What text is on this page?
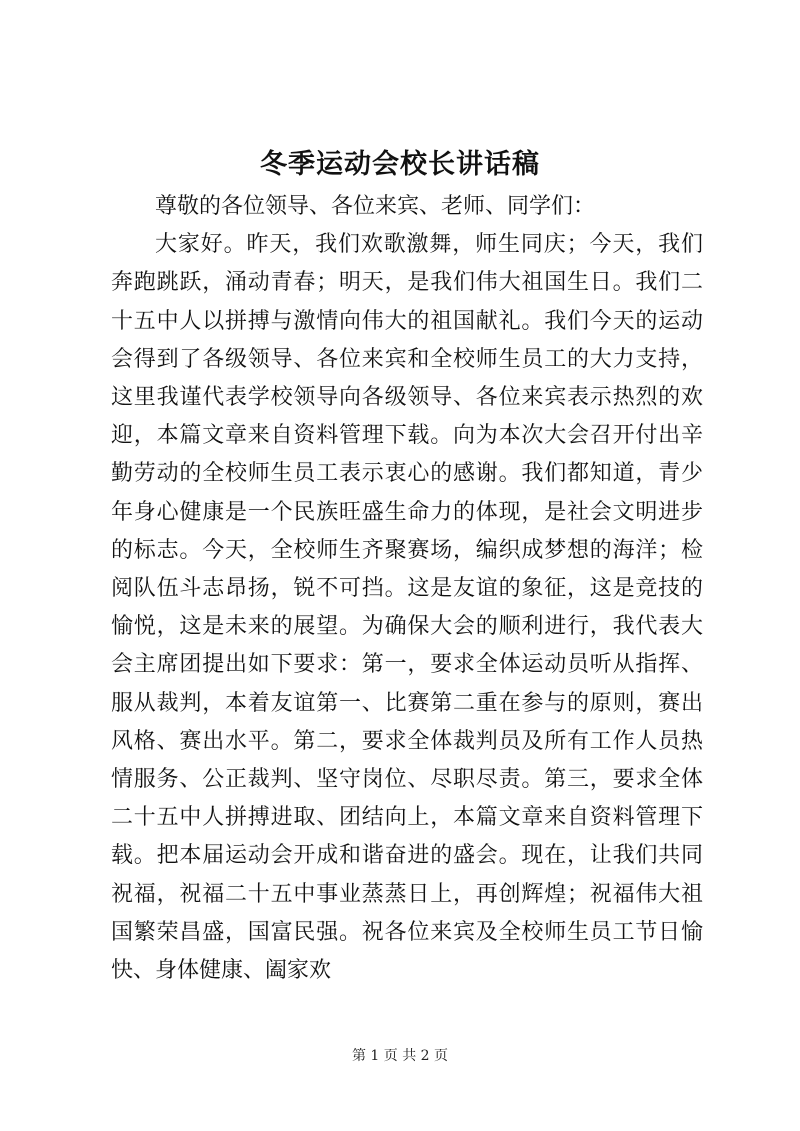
冬季运动会校长讲话稿

尊敬的各位领导、各位来宾、老师、同学们：

大家好。昨天，我们欢歌激舞，师生同庆；今天，我们奔跑跳跃，涌动青春；明天，是我们伟大祖国生日。我们二十五中人以拼搏与激情向伟大的祖国献礼。我们今天的运动会得到了各级领导、各位来宾和全校师生员工的大力支持，这里我谨代表学校领导向各级领导、各位来宾表示热烈的欢迎，本篇文章来自资料管理下载。向为本次大会召开付出辛勤劳动的全校师生员工表示衷心的感谢。我们都知道，青少年身心健康是一个民族旺盛生命力的体现，是社会文明进步的标志。今天，全校师生齐聚赛场，编织成梦想的海洋；检阅队伍斗志昂扬，锐不可挡。这是友谊的象征，这是竞技的愉悦，这是未来的展望。为确保大会的顺利进行，我代表大会主席团提出如下要求：第一，要求全体运动员听从指挥、服从裁判，本着友谊第一、比赛第二重在参与的原则，赛出风格、赛出水平。第二，要求全体裁判员及所有工作人员热情服务、公正裁判、坚守岗位、尽职尽责。第三，要求全体二十五中人拼搏进取、团结向上，本篇文章来自资料管理下载。把本届运动会开成和谐奋进的盛会。现在，让我们共同祝福，祝福二十五中事业蒸蒸日上，再创辉煌；祝福伟大祖国繁荣昌盛，国富民强。祝各位来宾及全校师生员工节日愉快、身体健康、阖家欢

第 1 页 共 2 页
